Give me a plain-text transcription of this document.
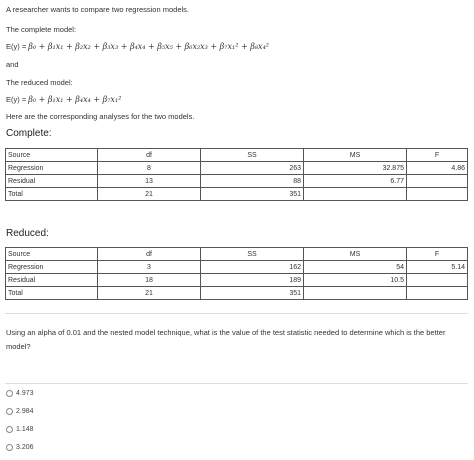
A researcher wants to compare two regression models.
The complete model:
E(y) = β₀ + β₁x₁ + β₂x₂ + β₃x₃ + β₄x₄ + β₅x₅ + β₆x₂x₃ + β₇x₁² + β₈x₄²
and
The reduced model:
E(y) = β₀ + β₁x₁ + β₄x₄ + β₇x₁²
Here are the corresponding analyses for the two models.
Complete:
Source	df	SS	MS	F
Regression	8	263	32.875	4.86
Residual	13	88	6.77	
Total	21	351		
Reduced:
Source	df	SS	MS	F
Regression	3	162	54	5.14
Residual	18	189	10.5	
Total	21	351		
Using an alpha of 0.01 and the nested model technique, what is the value of the test statistic needed to determine which is the better model?
4.973
2.984
1.148
3.206
